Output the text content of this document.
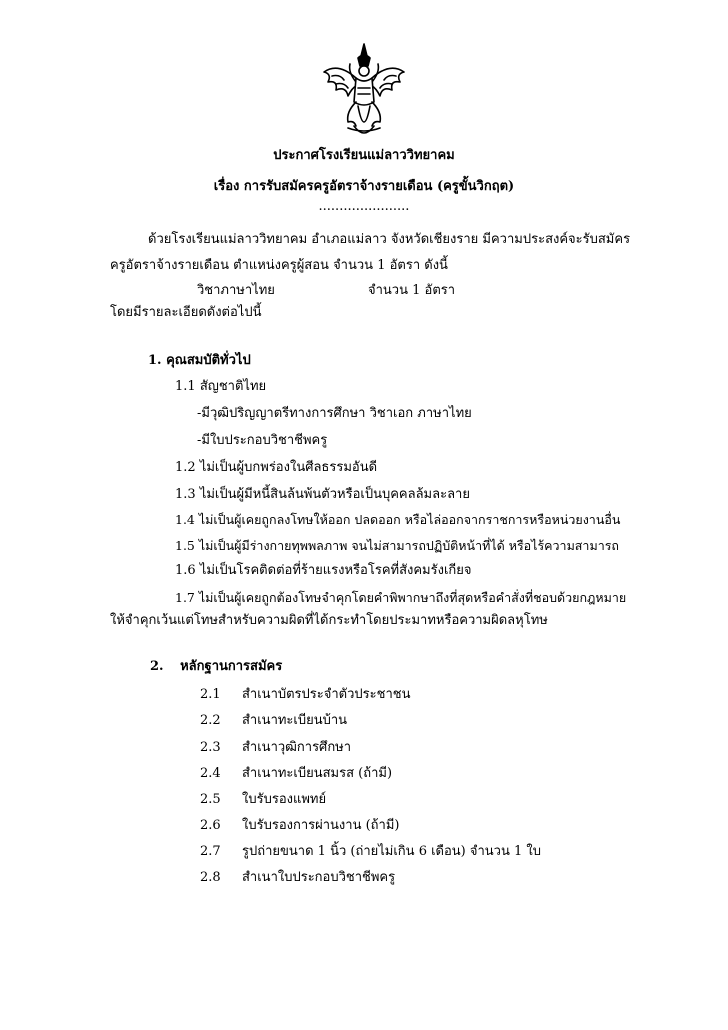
ประกาศโรงเรียนแม่ลาววิทยาคม
เรื่อง การรับสมัครครูอัตราจ้างรายเดือน (ครูขั้นวิกฤต)
......................
ด้วยโรงเรียนแม่ลาววิทยาคม อำเภอแม่ลาว จังหวัดเชียงราย มีความประสงค์จะรับสมัคร
ครูอัตราจ้างรายเดือน ตำแหน่งครูผู้สอน จำนวน 1 อัตรา ดังนี้
วิชาภาษาไทย	จำนวน 1 อัตรา
โดยมีรายละเอียดดังต่อไปนี้
1. คุณสมบัติทั่วไป
1.1 สัญชาติไทย
-มีวุฒิปริญญาตรีทางการศึกษา วิชาเอก ภาษาไทย
-มีใบประกอบวิชาชีพครู
1.2 ไม่เป็นผู้บกพร่องในศีลธรรมอันดี
1.3 ไม่เป็นผู้มีหนี้สินล้นพ้นตัวหรือเป็นบุคคลล้มละลาย
1.4 ไม่เป็นผู้เคยถูกลงโทษให้ออก ปลดออก หรือไล่ออกจากราชการหรือหน่วยงานอื่น
1.5 ไม่เป็นผู้มีร่างกายทุพพลภาพ จนไม่สามารถปฏิบัติหน้าที่ได้ หรือไร้ความสามารถ
1.6 ไม่เป็นโรคติดต่อที่ร้ายแรงหรือโรคที่สังคมรังเกียจ
1.7 ไม่เป็นผู้เคยถูกต้องโทษจำคุกโดยคำพิพากษาถึงที่สุดหรือคำสั่งที่ชอบด้วยกฎหมาย
ให้จำคุกเว้นแต่โทษสำหรับความผิดที่ได้กระทำโดยประมาทหรือความผิดลหุโทษ
2. หลักฐานการสมัคร
2.1 สำเนาบัตรประจำตัวประชาชน
2.2 สำเนาทะเบียนบ้าน
2.3 สำเนาวุฒิการศึกษา
2.4 สำเนาทะเบียนสมรส (ถ้ามี)
2.5 ใบรับรองแพทย์
2.6 ใบรับรองการผ่านงาน (ถ้ามี)
2.7 รูปถ่ายขนาด 1 นิ้ว (ถ่ายไม่เกิน 6 เดือน) จำนวน 1 ใบ
2.8 สำเนาใบประกอบวิชาชีพครู
